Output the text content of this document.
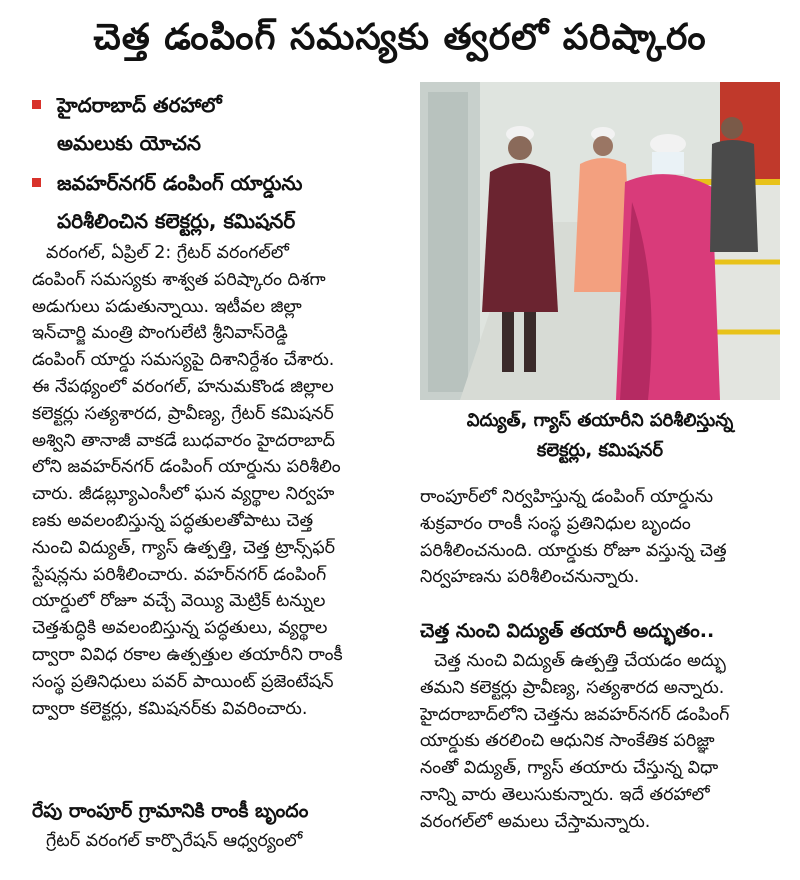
చెత్త డంపింగ్ సమస్యకు త్వరలో పరిష్కారం
హైదరాబాద్ తరహాలో
అమలుకు యోచన
జవహర్‌నగర్ డంపింగ్ యార్డును
పరిశీలించిన కలెక్టర్లు, కమిషనర్
వరంగల్, ఏప్రిల్ 2: గ్రేటర్ వరంగల్‌లో
డంపింగ్ సమస్యకు శాశ్వత పరిష్కారం దిశగా
అడుగులు పడుతున్నాయి. ఇటీవల జిల్లా
ఇన్‌చార్జి మంత్రి పొంగులేటి శ్రీనివాస్‌రెడ్డి
డంపింగ్ యార్డు సమస్యపై దిశానిర్దేశం చేశారు.
ఈ నేపథ్యంలో వరంగల్, హనుమకొండ జిల్లాల
కలెక్టర్లు సత్యశారద, ప్రావీణ్య, గ్రేటర్ కమిషనర్
అశ్విని తానాజీ వాకడే బుధవారం హైదరాబాద్
లోని జవహర్‌నగర్ డంపింగ్ యార్డును పరిశీలిం
చారు. జీడబ్ల్యూఎంసీలో ఘన వ్యర్థాల నిర్వహ
ణకు అవలంబిస్తున్న పద్ధతులతోపాటు చెత్త
నుంచి విద్యుత్, గ్యాస్ ఉత్పత్తి, చెత్త ట్రాన్స్‌ఫర్
స్టేషన్లను పరిశీలించారు. వహర్‌నగర్ డంపింగ్
యార్డులో రోజూ వచ్చే వెయ్యి మెట్రిక్ టన్నుల
చెత్తశుద్ధికి అవలంబిస్తున్న పద్ధతులు, వ్యర్థాల
ద్వారా వివిధ రకాల ఉత్పత్తుల తయారీని రాంకీ
సంస్థ ప్రతినిధులు పవర్ పాయింట్ ప్రజెంటేషన్
ద్వారా కలెక్టర్లు, కమిషనర్‌కు వివరించారు.
రేపు రాంపూర్ గ్రామానికి రాంకీ బృందం
గ్రేటర్ వరంగల్ కార్పొరేషన్ ఆధ్వర్యంలో
విద్యుత్, గ్యాస్ తయారీని పరిశీలిస్తున్న
కలెక్టర్లు, కమిషనర్
రాంపూర్‌లో నిర్వహిస్తున్న డంపింగ్ యార్డును
శుక్రవారం రాంకీ సంస్థ ప్రతినిధుల బృందం
పరిశీలించనుంది. యార్డుకు రోజూ వస్తున్న చెత్త
నిర్వహణను పరిశీలించనున్నారు.
చెత్త నుంచి విద్యుత్ తయారీ అద్భుతం..
చెత్త నుంచి విద్యుత్ ఉత్పత్తి చేయడం అద్భు
తమని కలెక్టర్లు ప్రావీణ్య, సత్యశారద అన్నారు.
హైదరాబాద్‌లోని చెత్తను జవహర్‌నగర్ డంపింగ్
యార్డుకు తరలించి ఆధునిక సాంకేతిక పరిజ్ఞా
నంతో విద్యుత్, గ్యాస్ తయారు చేస్తున్న విధా
నాన్ని వారు తెలుసుకున్నారు. ఇదే తరహాలో
వరంగల్‌లో అమలు చేస్తామన్నారు.
